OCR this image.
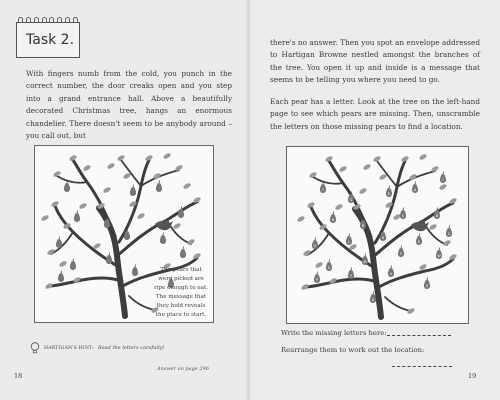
Task 2.

With fingers numb from the cold, you punch in the correct number, the door creaks open and you step into a grand entrance hall. Above a beautifully decorated Christmas tree, hangs an enormous chandelier. There doesn't seem to be anybody around – you call out, but

The pears that were picked are ripe enough to eat. The message that they hold reveals the place to start.
HARTIGAN'S HINT: Read the letters carefully!
Answer on page 296
18

there's no answer. Then you spot an envelope addressed to Hartigan Browne nestled amongst the branches of the tree. You open it up and inside is a message that seems to be telling you where you need to go.

Each pear has a letter. Look at the tree on the left-hand page to see which pears are missing. Then, unscramble the letters on those missing pears to find a location.

T
G
E
A
I
N
R
S	B
O
L
H
K
C
D
M
F	W
P
Y	U
V
X
Write the missing letters here:
Rearrange them to work out the location:
19
